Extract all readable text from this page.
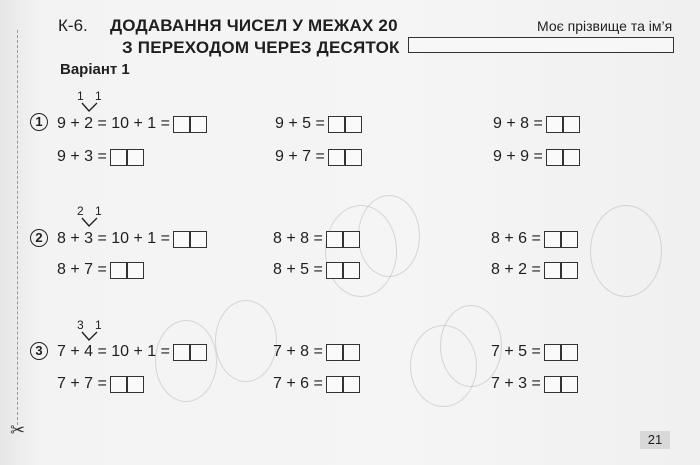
✂
К-6. ДОДАВАННЯ ЧИСЕЛ У МЕЖАХ 20
З ПЕРЕХОДОМ ЧЕРЕЗ ДЕСЯТОК
Варіант 1
Моє прізвище та ім’я
1
1 1
9 + 2 = 10 + 1 =
9 + 3 =
9 + 5 =
9 + 7 =
9 + 8 =
9 + 9 =
2
2 1
8 + 3 = 10 + 1 =
8 + 7 =
8 + 8 =
8 + 5 =
8 + 6 =
8 + 2 =
3
3 1
7 + 4 = 10 + 1 =
7 + 7 =
7 + 8 =
7 + 6 =
7 + 5 =
7 + 3 =
21
